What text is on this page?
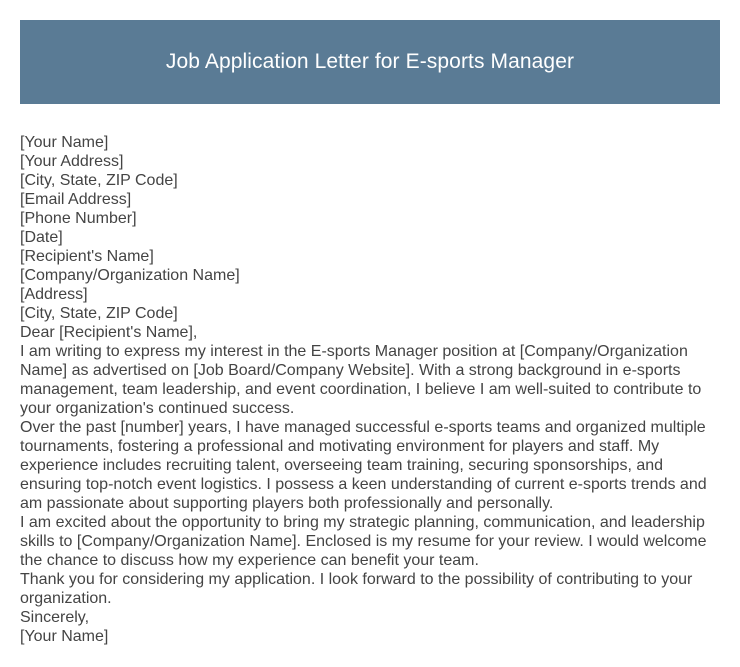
Job Application Letter for E-sports Manager
[Your Name]
[Your Address]
[City, State, ZIP Code]
[Email Address]
[Phone Number]
[Date]
[Recipient's Name]
[Company/Organization Name]
[Address]
[City, State, ZIP Code]
Dear [Recipient's Name],
I am writing to express my interest in the E-sports Manager position at [Company/Organization
Name] as advertised on [Job Board/Company Website]. With a strong background in e-sports
management, team leadership, and event coordination, I believe I am well-suited to contribute to
your organization's continued success.
Over the past [number] years, I have managed successful e-sports teams and organized multiple
tournaments, fostering a professional and motivating environment for players and staff. My
experience includes recruiting talent, overseeing team training, securing sponsorships, and
ensuring top-notch event logistics. I possess a keen understanding of current e-sports trends and
am passionate about supporting players both professionally and personally.
I am excited about the opportunity to bring my strategic planning, communication, and leadership
skills to [Company/Organization Name]. Enclosed is my resume for your review. I would welcome
the chance to discuss how my experience can benefit your team.
Thank you for considering my application. I look forward to the possibility of contributing to your
organization.
Sincerely,
[Your Name]
